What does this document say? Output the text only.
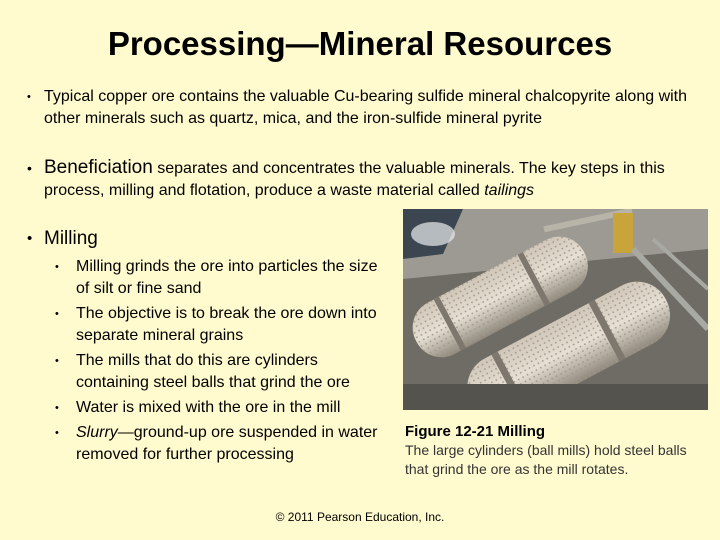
Processing—Mineral Resources
• Typical copper ore contains the valuable Cu-bearing sulfide mineral chalcopyrite along with other minerals such as quartz, mica, and the iron-sulfide mineral pyrite
• Beneficiation separates and concentrates the valuable minerals. The key steps in this process, milling and flotation, produce a waste material called tailings
• Milling
•	Milling grinds the ore into particles the size of silt or fine sand
•	The objective is to break the ore down into separate mineral grains
•	The mills that do this are cylinders containing steel balls that grind the ore
•	Water is mixed with the ore in the mill
•	Slurry—ground-up ore suspended in water removed for further processing
Figure 12-21 Milling
The large cylinders (ball mills) hold steel balls that grind the ore as the mill rotates.
© 2011 Pearson Education, Inc.
